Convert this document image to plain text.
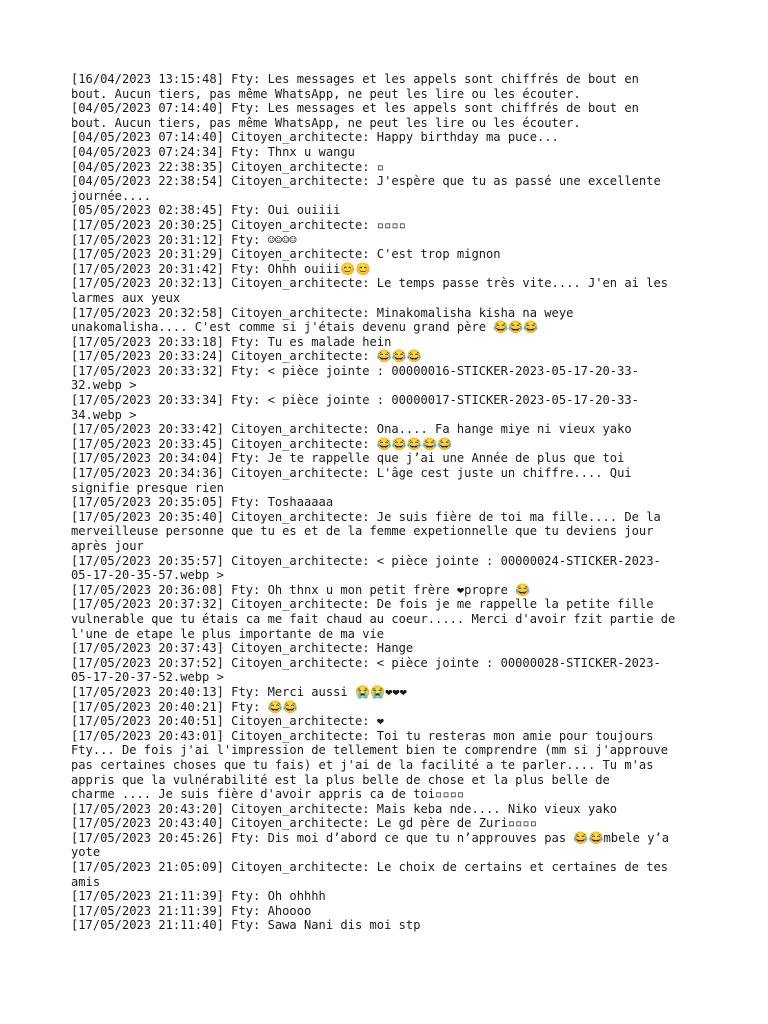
[16/04/2023 13:15:48] Fty: Les messages et les appels sont chiffrés de bout en
bout. Aucun tiers, pas même WhatsApp, ne peut les lire ou les écouter.
[04/05/2023 07:14:40] Fty: Les messages et les appels sont chiffrés de bout en
bout. Aucun tiers, pas même WhatsApp, ne peut les lire ou les écouter.
[04/05/2023 07:14:40] Citoyen_architecte: Happy birthday ma puce...
[04/05/2023 07:24:34] Fty: Thnx u wangu
[04/05/2023 22:38:35] Citoyen_architecte: ▫
[04/05/2023 22:38:54] Citoyen_architecte: J'espère que tu as passé une excellente
journée....
[05/05/2023 02:38:45] Fty: Oui ouiiii
[17/05/2023 20:30:25] Citoyen_architecte: ▫▫▫▫
[17/05/2023 20:31:12] Fty: ☺☺☺☺
[17/05/2023 20:31:29] Citoyen_architecte: C'est trop mignon
[17/05/2023 20:31:42] Fty: Ohhh ouiii😊😊
[17/05/2023 20:32:13] Citoyen_architecte: Le temps passe très vite.... J'en ai les
larmes aux yeux
[17/05/2023 20:32:58] Citoyen_architecte: Minakomalisha kisha na weye
unakomalisha.... C'est comme si j'étais devenu grand père 😂😂😂
[17/05/2023 20:33:18] Fty: Tu es malade hein
[17/05/2023 20:33:24] Citoyen_architecte: 😂😂😂
[17/05/2023 20:33:32] Fty: < pièce jointe : 00000016-STICKER-2023-05-17-20-33-
32.webp >
[17/05/2023 20:33:34] Fty: < pièce jointe : 00000017-STICKER-2023-05-17-20-33-
34.webp >
[17/05/2023 20:33:42] Citoyen_architecte: Ona.... Fa hange miye ni vieux yako
[17/05/2023 20:33:45] Citoyen_architecte: 😂😂😂😂😂
[17/05/2023 20:34:04] Fty: Je te rappelle que j’ai une Année de plus que toi
[17/05/2023 20:34:36] Citoyen_architecte: L'âge cest juste un chiffre.... Qui
signifie presque rien
[17/05/2023 20:35:05] Fty: Toshaaaaa
[17/05/2023 20:35:40] Citoyen_architecte: Je suis fière de toi ma fille.... De la
merveilleuse personne que tu es et de la femme expetionnelle que tu deviens jour
après jour
[17/05/2023 20:35:57] Citoyen_architecte: < pièce jointe : 00000024-STICKER-2023-
05-17-20-35-57.webp >
[17/05/2023 20:36:08] Fty: Oh thnx u mon petit frère ❤propre 😂
[17/05/2023 20:37:32] Citoyen_architecte: De fois je me rappelle la petite fille
vulnerable que tu étais ca me fait chaud au coeur..... Merci d'avoir fzit partie de
l'une de etape le plus importante de ma vie
[17/05/2023 20:37:43] Citoyen_architecte: Hange
[17/05/2023 20:37:52] Citoyen_architecte: < pièce jointe : 00000028-STICKER-2023-
05-17-20-37-52.webp >
[17/05/2023 20:40:13] Fty: Merci aussi 😭😭❤❤❤
[17/05/2023 20:40:21] Fty: 😂😂
[17/05/2023 20:40:51] Citoyen_architecte: ❤
[17/05/2023 20:43:01] Citoyen_architecte: Toi tu resteras mon amie pour toujours
Fty... De fois j'ai l'impression de tellement bien te comprendre (mm si j'approuve
pas certaines choses que tu fais) et j'ai de la facilité a te parler.... Tu m'as
appris que la vulnérabilité est la plus belle de chose et la plus belle de
charme .... Je suis fière d'avoir appris ca de toi▫▫▫▫
[17/05/2023 20:43:20] Citoyen_architecte: Mais keba nde.... Niko vieux yako
[17/05/2023 20:43:40] Citoyen_architecte: Le gd père de Zuri▫▫▫▫
[17/05/2023 20:45:26] Fty: Dis moi d’abord ce que tu n’approuves pas 😂😂mbele y’a
yote
[17/05/2023 21:05:09] Citoyen_architecte: Le choix de certains et certaines de tes
amis
[17/05/2023 21:11:39] Fty: Oh ohhhh
[17/05/2023 21:11:39] Fty: Ahoooo
[17/05/2023 21:11:40] Fty: Sawa Nani dis moi stp
